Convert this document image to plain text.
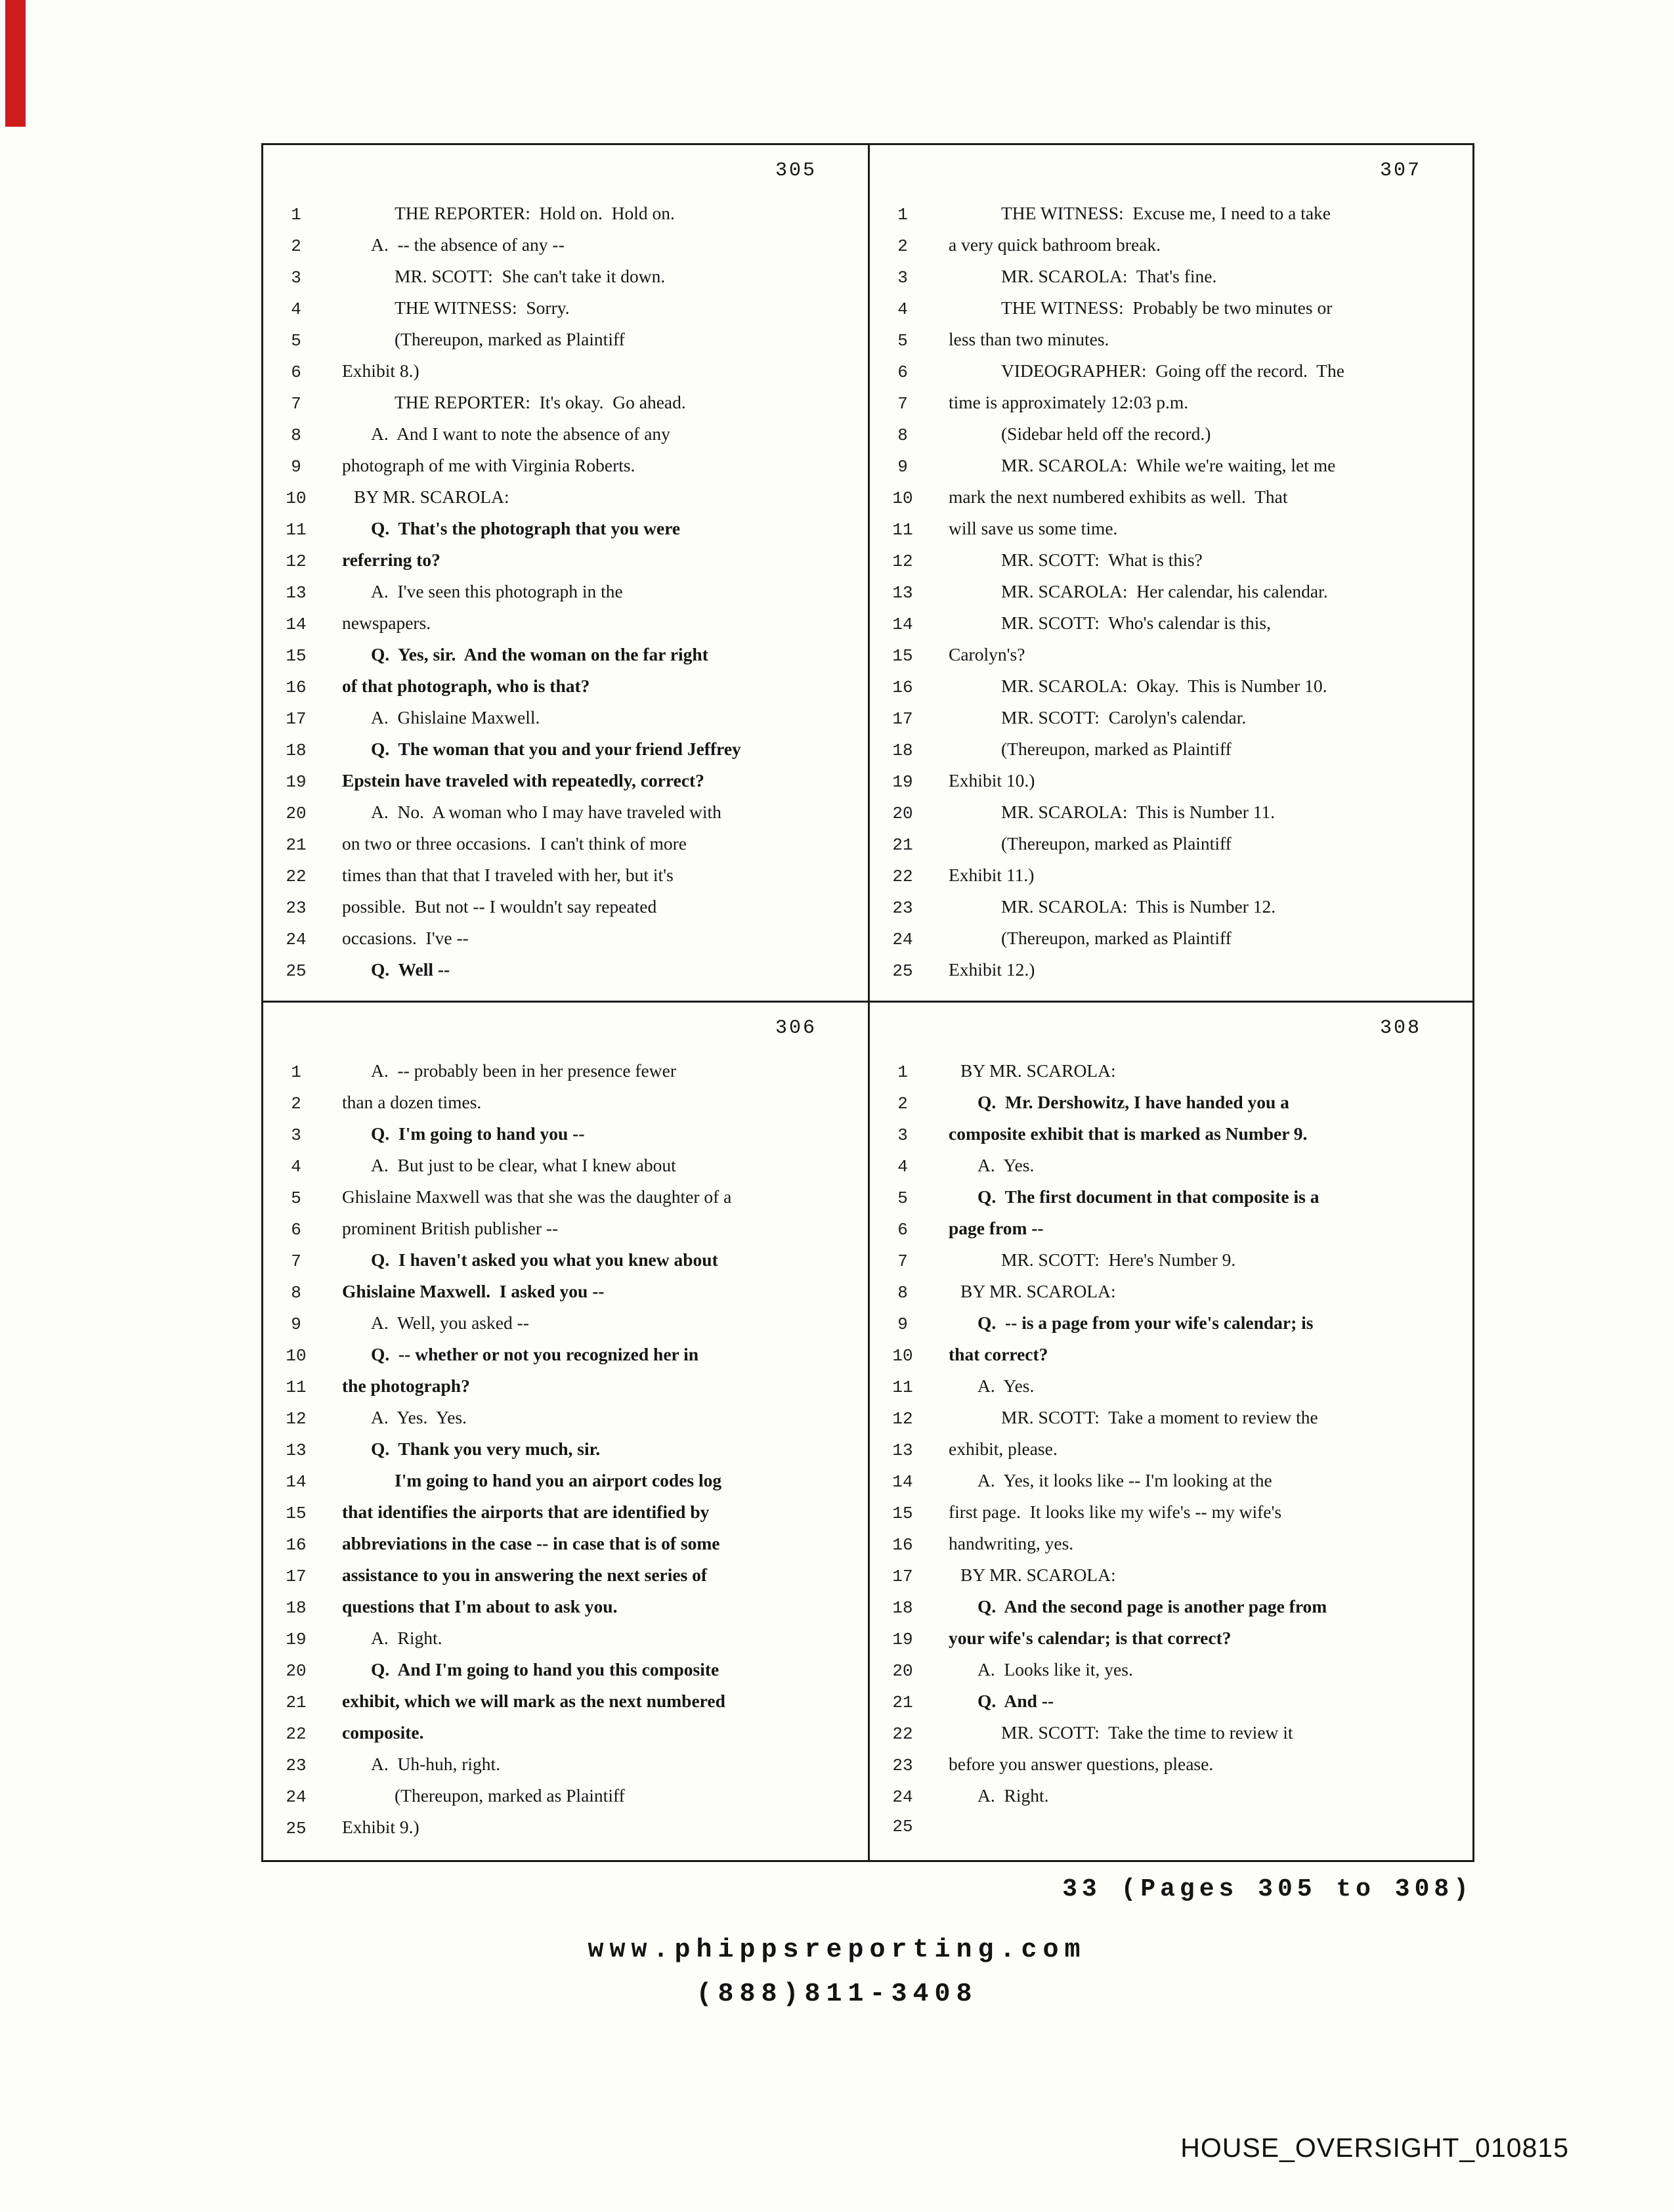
305
1	THE REPORTER:  Hold on.  Hold on.
2	A.  -- the absence of any --
3	MR. SCOTT:  She can't take it down.
4	THE WITNESS:  Sorry.
5	(Thereupon, marked as Plaintiff
6	Exhibit 8.)
7	THE REPORTER:  It's okay.  Go ahead.
8	A.  And I want to note the absence of any
9	photograph of me with Virginia Roberts.
10	BY MR. SCAROLA:
11	Q.  That's the photograph that you were
12	referring to?
13	A.  I've seen this photograph in the
14	newspapers.
15	Q.  Yes, sir.  And the woman on the far right
16	of that photograph, who is that?
17	A.  Ghislaine Maxwell.
18	Q.  The woman that you and your friend Jeffrey
19	Epstein have traveled with repeatedly, correct?
20	A.  No.  A woman who I may have traveled with
21	on two or three occasions.  I can't think of more
22	times than that that I traveled with her, but it's
23	possible.  But not -- I wouldn't say repeated
24	occasions.  I've --
25	Q.  Well --
307
1	THE WITNESS:  Excuse me, I need to a take
2	a very quick bathroom break.
3	MR. SCAROLA:  That's fine.
4	THE WITNESS:  Probably be two minutes or
5	less than two minutes.
6	VIDEOGRAPHER:  Going off the record.  The
7	time is approximately 12:03 p.m.
8	(Sidebar held off the record.)
9	MR. SCAROLA:  While we're waiting, let me
10	mark the next numbered exhibits as well.  That
11	will save us some time.
12	MR. SCOTT:  What is this?
13	MR. SCAROLA:  Her calendar, his calendar.
14	MR. SCOTT:  Who's calendar is this,
15	Carolyn's?
16	MR. SCAROLA:  Okay.  This is Number 10.
17	MR. SCOTT:  Carolyn's calendar.
18	(Thereupon, marked as Plaintiff
19	Exhibit 10.)
20	MR. SCAROLA:  This is Number 11.
21	(Thereupon, marked as Plaintiff
22	Exhibit 11.)
23	MR. SCAROLA:  This is Number 12.
24	(Thereupon, marked as Plaintiff
25	Exhibit 12.)
306
1	A.  -- probably been in her presence fewer
2	than a dozen times.
3	Q.  I'm going to hand you --
4	A.  But just to be clear, what I knew about
5	Ghislaine Maxwell was that she was the daughter of a
6	prominent British publisher --
7	Q.  I haven't asked you what you knew about
8	Ghislaine Maxwell.  I asked you --
9	A.  Well, you asked --
10	Q.  -- whether or not you recognized her in
11	the photograph?
12	A.  Yes.  Yes.
13	Q.  Thank you very much, sir.
14	I'm going to hand you an airport codes log
15	that identifies the airports that are identified by
16	abbreviations in the case -- in case that is of some
17	assistance to you in answering the next series of
18	questions that I'm about to ask you.
19	A.  Right.
20	Q.  And I'm going to hand you this composite
21	exhibit, which we will mark as the next numbered
22	composite.
23	A.  Uh-huh, right.
24	(Thereupon, marked as Plaintiff
25	Exhibit 9.)
308
1	BY MR. SCAROLA:
2	Q.  Mr. Dershowitz, I have handed you a
3	composite exhibit that is marked as Number 9.
4	A.  Yes.
5	Q.  The first document in that composite is a
6	page from --
7	MR. SCOTT:  Here's Number 9.
8	BY MR. SCAROLA:
9	Q.  -- is a page from your wife's calendar; is
10	that correct?
11	A.  Yes.
12	MR. SCOTT:  Take a moment to review the
13	exhibit, please.
14	A.  Yes, it looks like -- I'm looking at the
15	first page.  It looks like my wife's -- my wife's
16	handwriting, yes.
17	BY MR. SCAROLA:
18	Q.  And the second page is another page from
19	your wife's calendar; is that correct?
20	A.  Looks like it, yes.
21	Q.  And --
22	MR. SCOTT:  Take the time to review it
23	before you answer questions, please.
24	A.  Right.
25
33 (Pages 305 to 308)
www.phippsreporting.com
(888)811-3408
HOUSE_OVERSIGHT_010815
